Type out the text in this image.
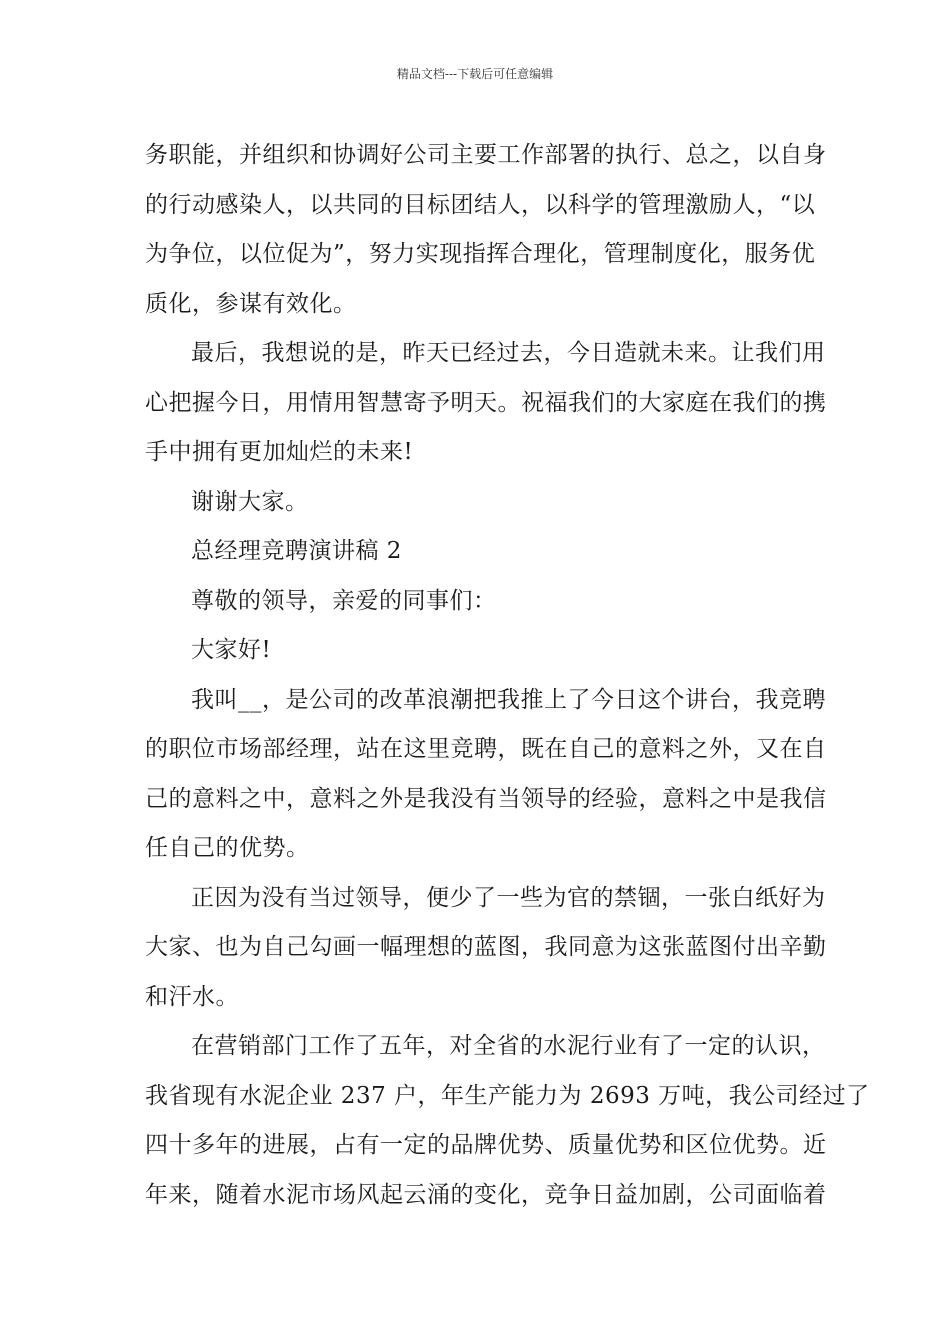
精品文档---下载后可任意编辑
务职能，并组织和协调好公司主要工作部署的执行、总之，以自身
的行动感染人，以共同的目标团结人，以科学的管理激励人，“以
为争位，以位促为”，努力实现指挥合理化，管理制度化，服务优
质化，参谋有效化。
最后，我想说的是，昨天已经过去，今日造就未来。让我们用
心把握今日，用情用智慧寄予明天。祝福我们的大家庭在我们的携
手中拥有更加灿烂的未来!
谢谢大家。
总经理竞聘演讲稿 2
尊敬的领导，亲爱的同事们：
大家好!
我叫__，是公司的改革浪潮把我推上了今日这个讲台，我竞聘
的职位市场部经理，站在这里竞聘，既在自己的意料之外，又在自
己的意料之中，意料之外是我没有当领导的经验，意料之中是我信
任自己的优势。
正因为没有当过领导，便少了一些为官的禁锢，一张白纸好为
大家、也为自己勾画一幅理想的蓝图，我同意为这张蓝图付出辛勤
和汗水。
在营销部门工作了五年，对全省的水泥行业有了一定的认识，
我省现有水泥企业 237 户，年生产能力为 2693 万吨，我公司经过了
四十多年的进展，占有一定的品牌优势、质量优势和区位优势。近
年来，随着水泥市场风起云涌的变化，竞争日益加剧，公司面临着
